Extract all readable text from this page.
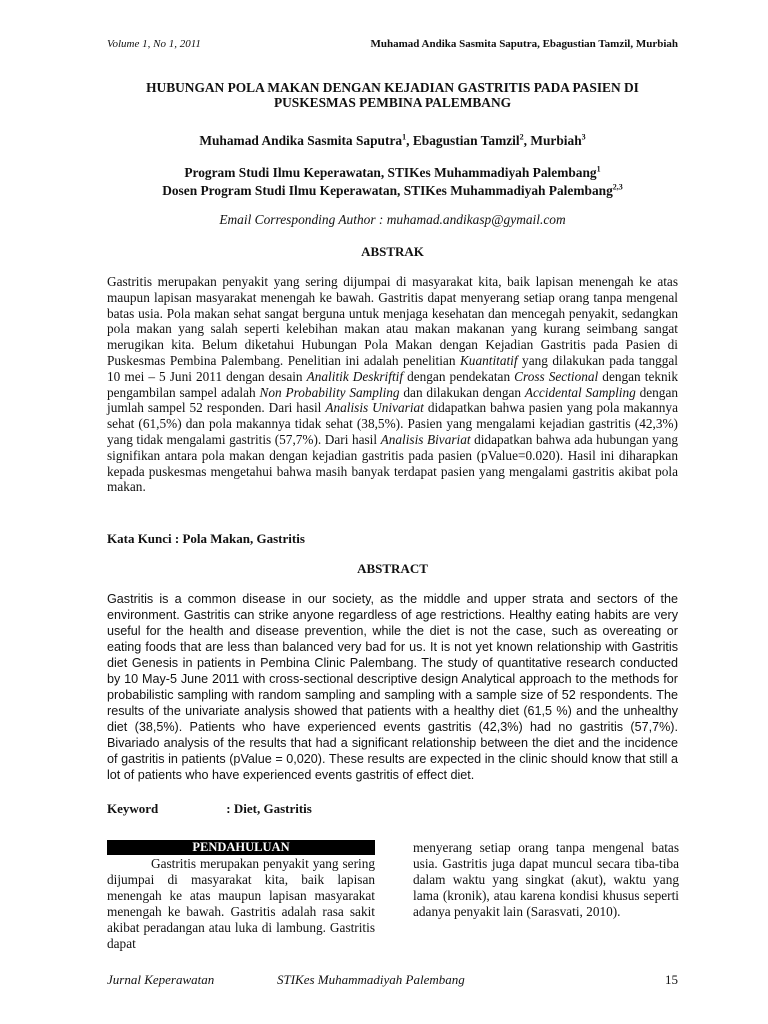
Volume 1, No 1, 2011	Muhamad Andika Sasmita Saputra, Ebagustian Tamzil, Murbiah
HUBUNGAN POLA MAKAN DENGAN KEJADIAN GASTRITIS PADA PASIEN DI
PUSKESMAS PEMBINA PALEMBANG
Muhamad Andika Sasmita Saputra$^1$, Ebagustian Tamzil$^2$, Murbiah$^3$
Program Studi Ilmu Keperawatan, STIKes Muhammadiyah Palembang$^1$
Dosen Program Studi Ilmu Keperawatan, STIKes Muhammadiyah Palembang$^{2,3}$
Email Corresponding Author : muhamad.andikasp@gymail.com
ABSTRAK

Gastritis merupakan penyakit yang sering dijumpai di masyarakat kita, baik lapisan menengah ke atas maupun lapisan masyarakat menengah ke bawah. Gastritis dapat menyerang setiap orang tanpa mengenal batas usia. Pola makan sehat sangat berguna untuk menjaga kesehatan dan mencegah penyakit, sedangkan pola makan yang salah seperti kelebihan makan atau makan makanan yang kurang seimbang sangat merugikan kita. Belum diketahui Hubungan Pola Makan dengan Kejadian Gastritis pada Pasien di Puskesmas Pembina Palembang. Penelitian ini adalah penelitian Kuantitatif yang dilakukan pada tanggal 10 mei – 5 Juni 2011 dengan desain Analitik Deskriftif dengan pendekatan Cross Sectional dengan teknik pengambilan sampel adalah Non Probability Sampling dan dilakukan dengan Accidental Sampling dengan jumlah sampel 52 responden. Dari hasil Analisis Univariat didapatkan bahwa pasien yang pola makannya sehat (61,5%) dan pola makannya tidak sehat (38,5%). Pasien yang mengalami kejadian gastritis (42,3%) yang tidak mengalami gastritis (57,7%). Dari hasil Analisis Bivariat didapatkan bahwa ada hubungan yang signifikan antara pola makan dengan kejadian gastritis pada pasien (pValue=0.020). Hasil ini diharapkan kepada puskesmas mengetahui bahwa masih banyak terdapat pasien yang mengalami gastritis akibat pola makan.

Kata Kunci : Pola Makan, Gastritis
ABSTRACT

Gastritis is a common disease in our society, as the middle and upper strata and sectors of the environment. Gastritis can strike anyone regardless of age restrictions. Healthy eating habits are very useful for the health and disease prevention, while the diet is not the case, such as overeating or eating foods that are less than balanced very bad for us. It is not yet known relationship with Gastritis diet Genesis in patients in Pembina Clinic Palembang. The study of quantitative research conducted by 10 May-5 June 2011 with cross-sectional descriptive design Analytical approach to the methods for probabilistic sampling with random sampling and sampling with a sample size of 52 respondents. The results of the univariate analysis showed that patients with a healthy diet (61,5 %) and the unhealthy diet (38,5%). Patients who have experienced events gastritis (42,3%) had no gastritis (57,7%). Bivariado analysis of the results that had a significant relationship between the diet and the incidence of gastritis in patients (pValue = 0,020). These results are expected in the clinic should know that still a lot of patients who have experienced events gastritis of effect diet.

Keyword	: Diet, Gastritis
PENDAHULUAN

Gastritis merupakan penyakit yang sering dijumpai di masyarakat kita, baik lapisan menengah ke atas maupun lapisan masyarakat menengah ke bawah. Gastritis adalah rasa sakit akibat peradangan atau luka di lambung. Gastritis dapat

menyerang setiap orang tanpa mengenal batas usia. Gastritis juga dapat muncul secara tiba-tiba dalam waktu yang singkat (akut), waktu yang lama (kronik), atau karena kondisi khusus seperti adanya penyakit lain (Sarasvati, 2010).

Jurnal Keperawatan	STIKes Muhammadiyah Palembang	15
